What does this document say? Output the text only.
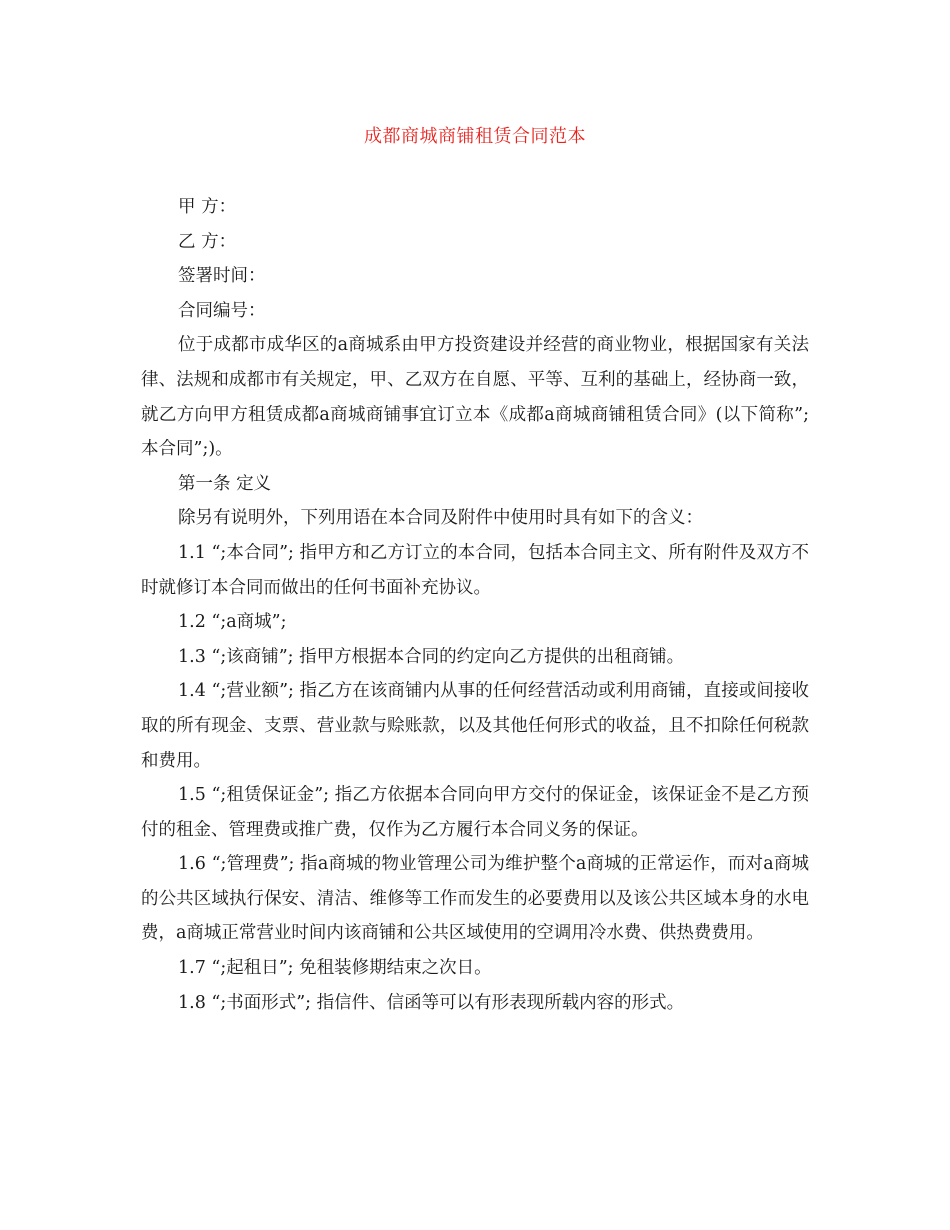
成都商城商铺租赁合同范本

甲 方：

乙 方：

签署时间：

合同编号：

位于成都市成华区的a商城系由甲方投资建设并经营的商业物业，根据国家有关法律、法规和成都市有关规定，甲、乙双方在自愿、平等、互利的基础上，经协商一致，就乙方向甲方租赁成都a商城商铺事宜订立本《成都a商城商铺租赁合同》(以下简称”;本合同”;)。

第一条 定义

除另有说明外，下列用语在本合同及附件中使用时具有如下的含义：

1.1 “;本合同”; 指甲方和乙方订立的本合同，包括本合同主文、所有附件及双方不时就修订本合同而做出的任何书面补充协议。

1.2 “;a商城”;

1.3 “;该商铺”; 指甲方根据本合同的约定向乙方提供的出租商铺。

1.4 “;营业额”; 指乙方在该商铺内从事的任何经营活动或利用商铺，直接或间接收取的所有现金、支票、营业款与赊账款，以及其他任何形式的收益，且不扣除任何税款和费用。

1.5 “;租赁保证金”; 指乙方依据本合同向甲方交付的保证金，该保证金不是乙方预付的租金、管理费或推广费，仅作为乙方履行本合同义务的保证。

1.6 “;管理费”; 指a商城的物业管理公司为维护整个a商城的正常运作，而对a商城的公共区域执行保安、清洁、维修等工作而发生的必要费用以及该公共区域本身的水电费，a商城正常营业时间内该商铺和公共区域使用的空调用冷水费、供热费费用。

1.7 “;起租日”; 免租装修期结束之次日。

1.8 “;书面形式”; 指信件、信函等可以有形表现所载内容的形式。
